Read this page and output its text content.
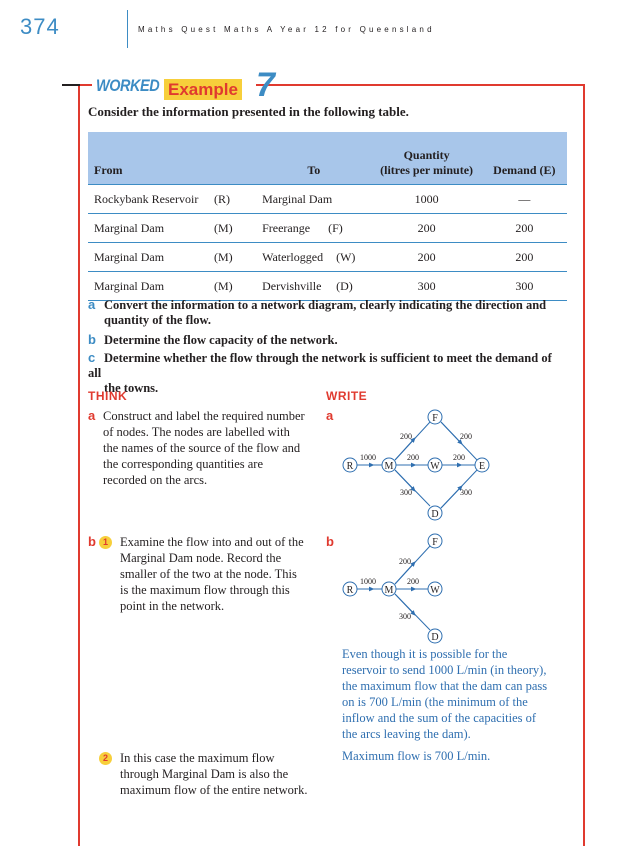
374	Maths Quest Maths A Year 12 for Queensland
WORKED Example 7
Consider the information presented in the following table.
From		To	Quantity
(litres per minute)	Demand (E)
Rockybank Reservoir	(R)	Marginal Dam	1000	—
Marginal Dam	(M)	Freerange (F)	200	200
Marginal Dam	(M)	Waterlogged (W)	200	200
Marginal Dam	(M)	Dervishville (D)	300	300
a Convert the information to a network diagram, clearly indicating the direction and
quantity of the flow.
b Determine the flow capacity of the network.
c Determine whether the flow through the network is sufficient to meet the demand of all
the towns.
THINK	WRITE
a Construct and label the required number
of nodes. The nodes are labelled with
the names of the source of the flow and
the corresponding quantities are
recorded on the arcs.
a
R	M
F
W
D
E
1000
200
200
300
200
200
300
b 1 Examine the flow into and out of the
Marginal Dam node. Record the
smaller of the two at the node. This
is the maximum flow through this
point in the network.
b
R	M
F
W
D
1000
200
200
300
Even though it is possible for the
reservoir to send 1000 L/min (in theory),
the maximum flow that the dam can pass
on is 700 L/min (the minimum of the
inflow and the sum of the capacities of
the arcs leaving the dam).
Maximum flow is 700 L/min.
2 In this case the maximum flow
through Marginal Dam is also the
maximum flow of the entire network.
